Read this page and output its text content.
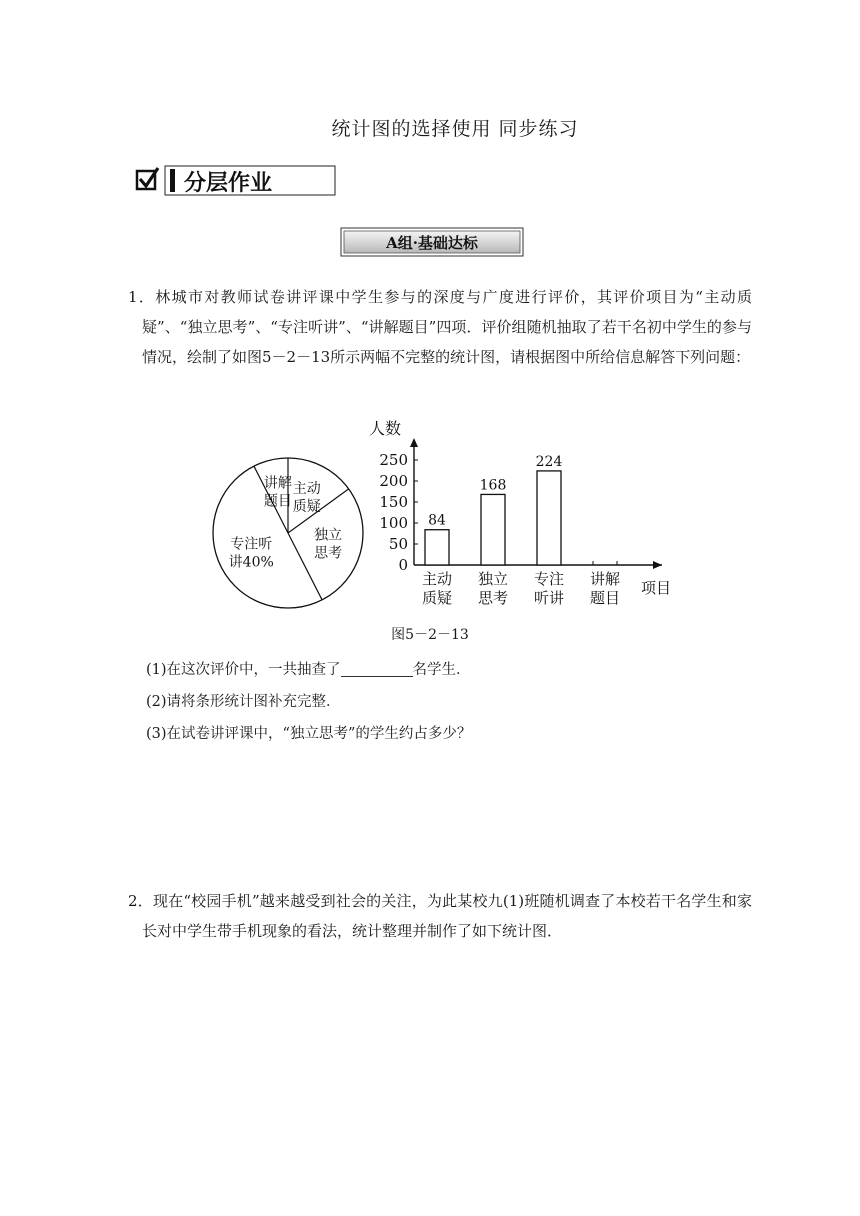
统计图的选择使用 同步练习
分层作业
A组·基础达标
1．林城市对教师试卷讲评课中学生参与的深度与广度进行评价，其评价项目为“主动质疑”、“独立思考”、“专注听讲”、“讲解题目”四项．评价组随机抽取了若干名初中学生的参与情况，绘制了如图5－2－13所示两幅不完整的统计图，请根据图中所给信息解答下列问题：
讲解
题目
主动
质疑
独立
思考
专注听
讲40%
人数
项目
0
50
100
150
200
250
84
主动
质疑
168
独立
思考
224
专注
听讲
讲解
题目
图5－2－13
(1)在这次评价中，一共抽查了	名学生．
(2)请将条形统计图补充完整．
(3)在试卷讲评课中，“独立思考”的学生约占多少？
2．现在“校园手机”越来越受到社会的关注，为此某校九(1)班随机调查了本校若干名学生和家长对中学生带手机现象的看法，统计整理并制作了如下统计图．
